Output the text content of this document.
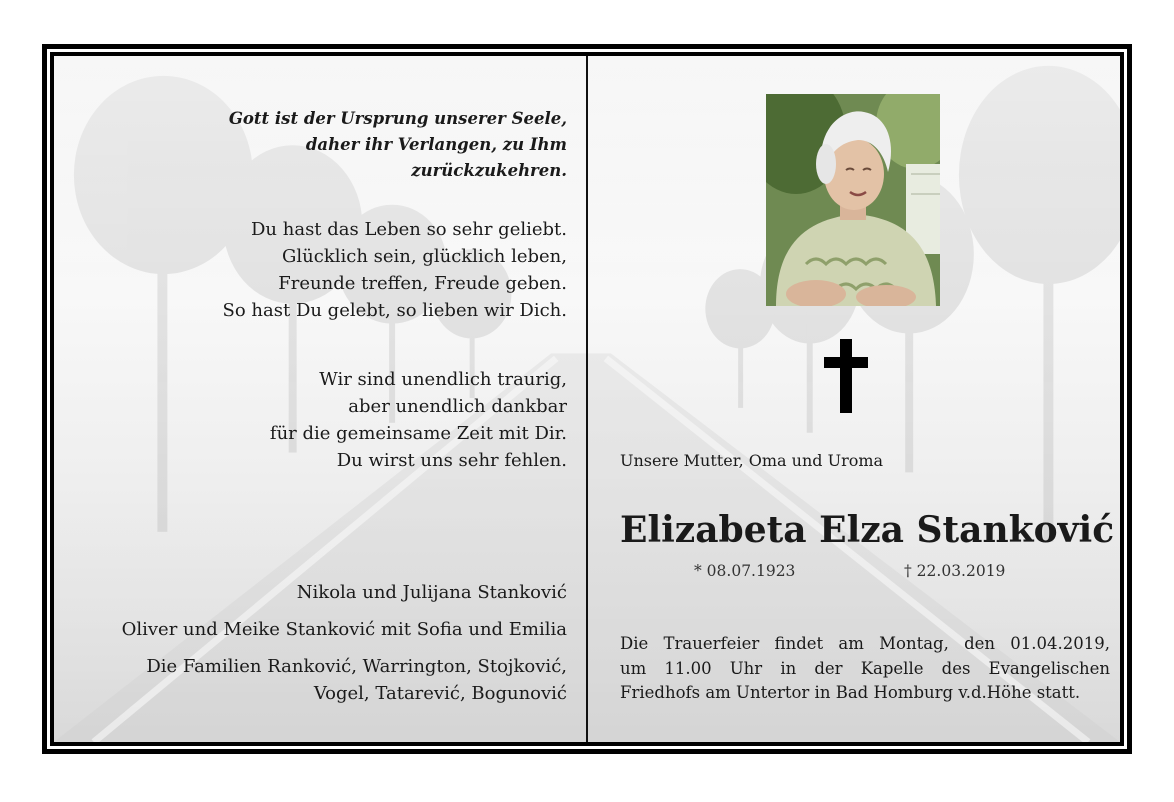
Gott ist der Ursprung unserer Seele,
daher ihr Verlangen, zu Ihm
zurückzukehren.
Du hast das Leben so sehr geliebt.
Glücklich sein, glücklich leben,
Freunde treffen, Freude geben.
So hast Du gelebt, so lieben wir Dich.
Wir sind unendlich traurig,
aber unendlich dankbar
für die gemeinsame Zeit mit Dir.
Du wirst uns sehr fehlen.
Nikola und Julijana Stanković
Oliver und Meike Stanković mit Sofia und Emilia
Die Familien Ranković, Warrington, Stojković,
Vogel, Tatarević, Bogunović
Unsere Mutter, Oma und Uroma
Elizabeta Elza Stanković
* 08.07.1923	† 22.03.2019
Die Trauerfeier findet am Montag, den 01.04.2019,
um 11.00 Uhr in der Kapelle des Evangelischen
Friedhofs am Untertor in Bad Homburg v.d.Höhe statt.
